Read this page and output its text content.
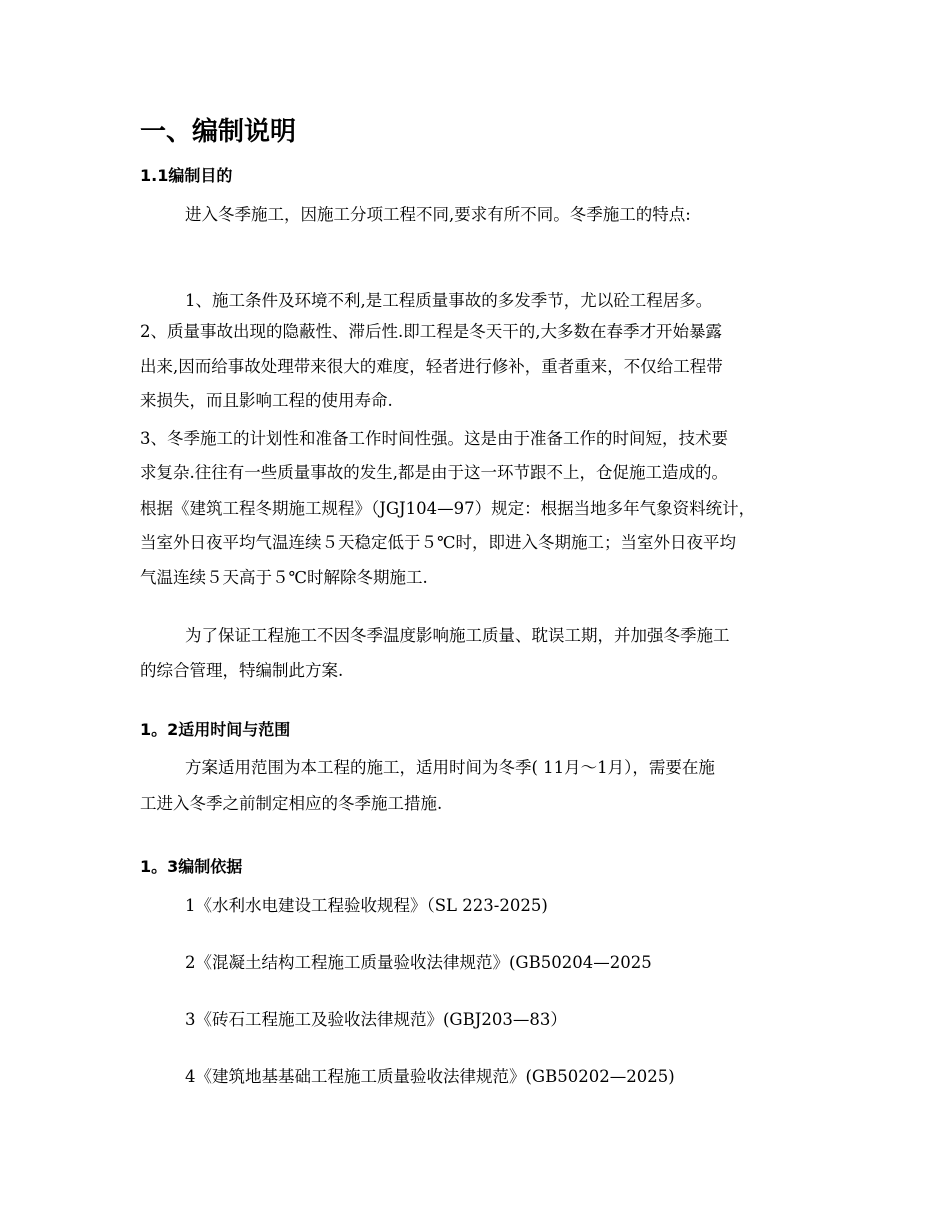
一、编制说明
1.1编制目的
进入冬季施工，因施工分项工程不同,要求有所不同。冬季施工的特点:
1、施工条件及环境不利,是工程质量事故的多发季节，尤以砼工程居多。
2、质量事故出现的隐蔽性、滞后性.即工程是冬天干的,大多数在春季才开始暴露
出来,因而给事故处理带来很大的难度，轻者进行修补，重者重来，不仅给工程带
来损失，而且影响工程的使用寿命.
3、冬季施工的计划性和准备工作时间性强。这是由于准备工作的时间短，技术要
求复杂.往往有一些质量事故的发生,都是由于这一环节跟不上，仓促施工造成的。
根据《建筑工程冬期施工规程》（JGJ104—97）规定：根据当地多年气象资料统计，
当室外日夜平均气温连续５天稳定低于５℃时，即进入冬期施工；当室外日夜平均
气温连续５天高于５℃时解除冬期施工.
为了保证工程施工不因冬季温度影响施工质量、耽误工期，并加强冬季施工
的综合管理，特编制此方案.
1。2适用时间与范围
方案适用范围为本工程的施工，适用时间为冬季( 11月～1月），需要在施
工进入冬季之前制定相应的冬季施工措施.
1。3编制依据
1《水利水电建设工程验收规程》（SL 223-2025)
2《混凝土结构工程施工质量验收法律规范》(GB50204—2025
3《砖石工程施工及验收法律规范》(GBJ203—83）
4《建筑地基基础工程施工质量验收法律规范》(GB50202—2025)
